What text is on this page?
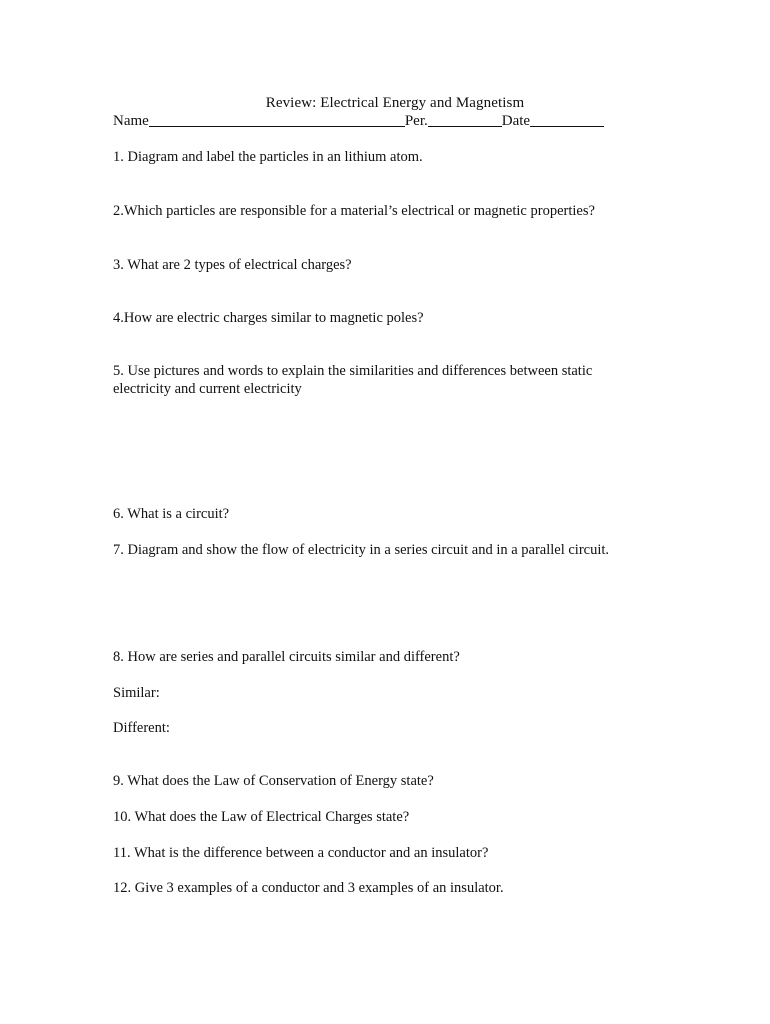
Review: Electrical Energy and Magnetism
Name	Per.	Date
1. Diagram and label the particles in an lithium atom.
2.Which particles are responsible for a material’s electrical or magnetic properties?
3. What are 2 types of electrical charges?
4.How are electric charges similar to magnetic poles?
5. Use pictures and words to explain the similarities and differences between static electricity and current electricity
6. What is a circuit?
7. Diagram and show the flow of electricity in a series circuit and in a parallel circuit.
8. How are series and parallel circuits similar and different?
Similar:
Different:
9. What does the Law of Conservation of Energy state?
10. What does the Law of Electrical Charges state?
11. What is the difference between a conductor and an insulator?
12. Give 3 examples of a conductor and 3 examples of an insulator.
